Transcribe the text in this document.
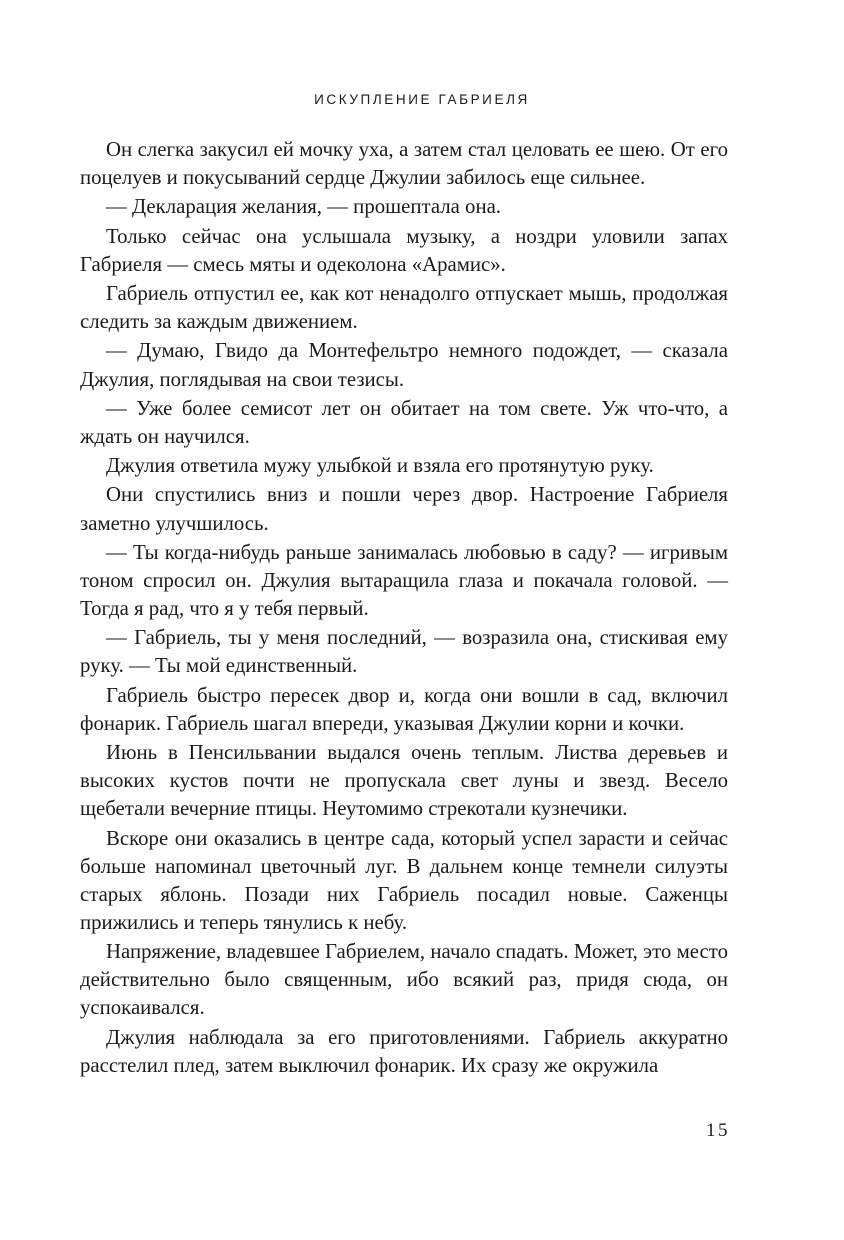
ИСКУПЛЕНИЕ ГАБРИЕЛЯ

Он слегка закусил ей мочку уха, а затем стал целовать ее шею. От его поцелуев и покусываний сердце Джулии забилось еще сильнее.

— Декларация желания, — прошептала она.

Только сейчас она услышала музыку, а ноздри уловили запах Габриеля — смесь мяты и одеколона «Арамис».

Габриель отпустил ее, как кот ненадолго отпускает мышь, продолжая следить за каждым движением.

— Думаю, Гвидо да Монтефельтро немного подождет, — сказала Джулия, поглядывая на свои тезисы.

— Уже более семисот лет он обитает на том свете. Уж что-что, а ждать он научился.

Джулия ответила мужу улыбкой и взяла его протянутую руку.

Они спустились вниз и пошли через двор. Настроение Габриеля заметно улучшилось.

— Ты когда-нибудь раньше занималась любовью в саду? — игривым тоном спросил он. Джулия вытаращила глаза и покачала головой. — Тогда я рад, что я у тебя первый.

— Габриель, ты у меня последний, — возразила она, стискивая ему руку. — Ты мой единственный.

Габриель быстро пересек двор и, когда они вошли в сад, включил фонарик. Габриель шагал впереди, указывая Джулии корни и кочки.

Июнь в Пенсильвании выдался очень теплым. Листва деревьев и высоких кустов почти не пропускала свет луны и звезд. Весело щебетали вечерние птицы. Неутомимо стрекотали кузнечики.

Вскоре они оказались в центре сада, который успел зарасти и сейчас больше напоминал цветочный луг. В дальнем конце темнели силуэты старых яблонь. Позади них Габриель посадил новые. Саженцы прижились и теперь тянулись к небу.

Напряжение, владевшее Габриелем, начало спадать. Может, это место действительно было священным, ибо всякий раз, придя сюда, он успокаивался.

Джулия наблюдала за его приготовлениями. Габриель аккуратно расстелил плед, затем выключил фонарик. Их сразу же окружила

15
